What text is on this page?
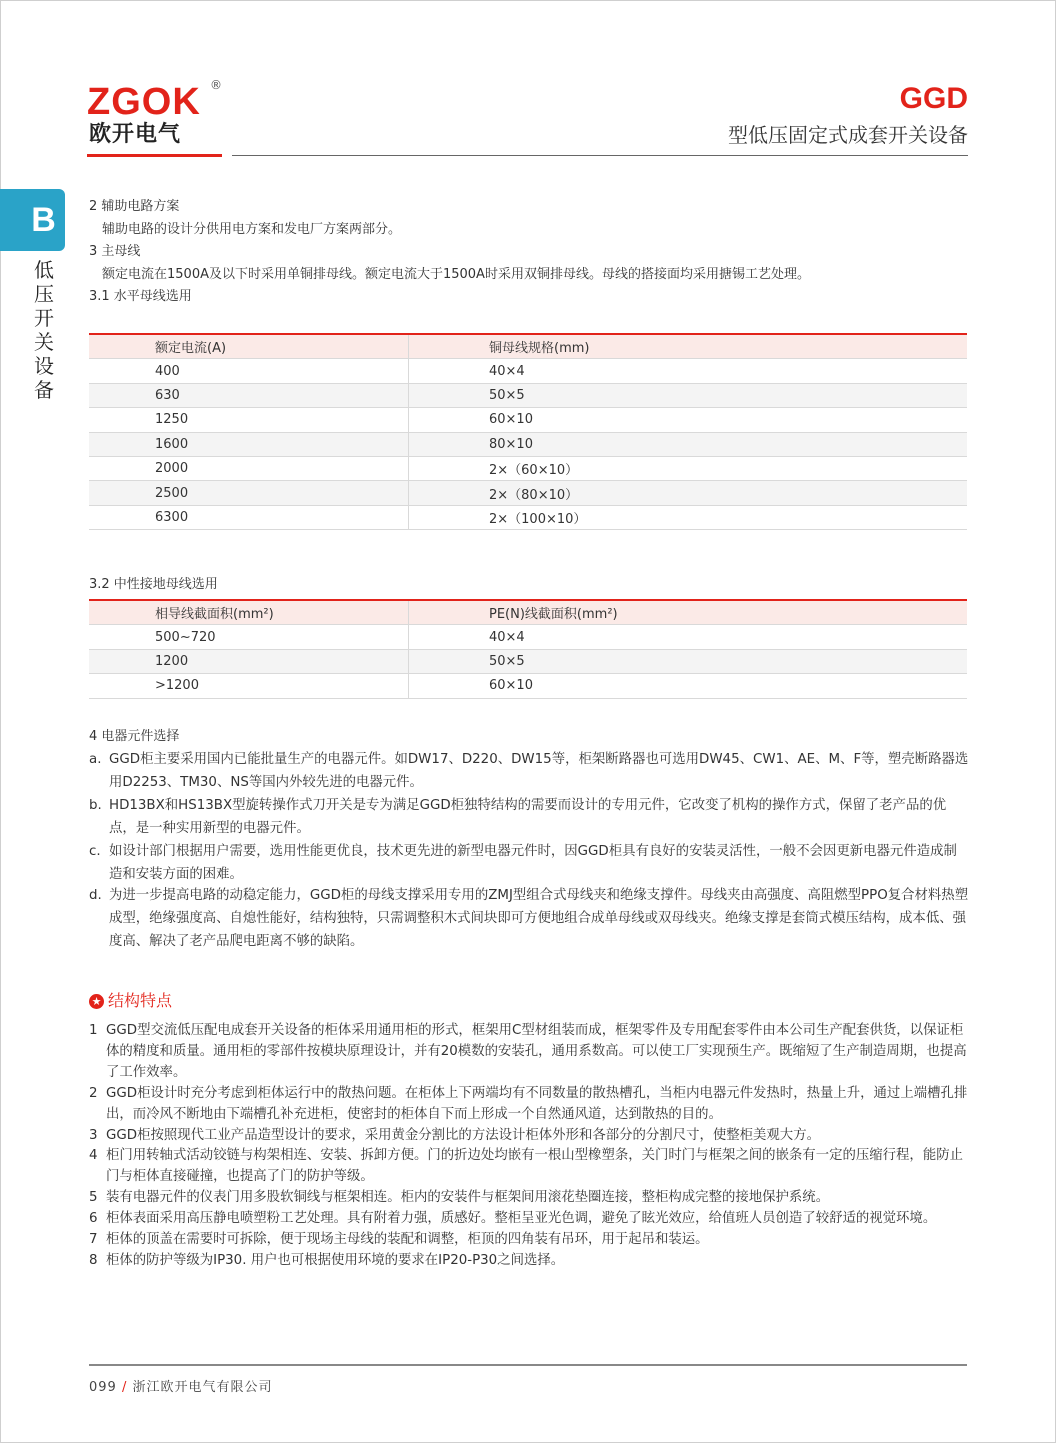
ZGOK ®
欧开电气
GGD
型低压固定式成套开关设备
B
低压开关设备
2 辅助电路方案
辅助电路的设计分供用电方案和发电厂方案两部分。
3 主母线
额定电流在1500A及以下时采用单铜排母线。额定电流大于1500A时采用双铜排母线。母线的搭接面均采用搪锡工艺处理。
3.1 水平母线选用
额定电流(A)	铜母线规格(mm)
400	40×4
630	50×5
1250	60×10
1600	80×10
2000	2×（60×10）
2500	2×（80×10）
6300	2×（100×10）
3.2 中性接地母线选用
相导线截面积(mm²)	PE(N)线截面积(mm²)
500~720	40×4
1200	50×5
>1200	60×10
4 电器元件选择
a. GGD柜主要采用国内已能批量生产的电器元件。如DW17、D220、DW15等，柜架断路器也可选用DW45、CW1、AE、M、F等，塑壳断路器选用D2253、TM30、NS等国内外较先进的电器元件。
b. HD13BX和HS13BX型旋转操作式刀开关是专为满足GGD柜独特结构的需要而设计的专用元件，它改变了机构的操作方式，保留了老产品的优点，是一种实用新型的电器元件。
c. 如设计部门根据用户需要，选用性能更优良，技术更先进的新型电器元件时，因GGD柜具有良好的安装灵活性，一般不会因更新电器元件造成制造和安装方面的困难。
d. 为进一步提高电路的动稳定能力，GGD柜的母线支撑采用专用的ZMJ型组合式母线夹和绝缘支撑件。母线夹由高强度、高阻燃型PPO复合材料热塑成型，绝缘强度高、自熄性能好，结构独特，只需调整积木式间块即可方便地组合成单母线或双母线夹。绝缘支撑是套筒式模压结构，成本低、强度高、解决了老产品爬电距离不够的缺陷。
★ 结构特点
1 GGD型交流低压配电成套开关设备的柜体采用通用柜的形式，框架用C型材组装而成，框架零件及专用配套零件由本公司生产配套供货，以保证柜体的精度和质量。通用柜的零部件按模块原理设计，并有20模数的安装孔，通用系数高。可以使工厂实现预生产。既缩短了生产制造周期，也提高了工作效率。
2 GGD柜设计时充分考虑到柜体运行中的散热问题。在柜体上下两端均有不同数量的散热槽孔，当柜内电器元件发热时，热量上升，通过上端槽孔排出，而冷风不断地由下端槽孔补充进柜，使密封的柜体自下而上形成一个自然通风道，达到散热的目的。
3 GGD柜按照现代工业产品造型设计的要求，采用黄金分割比的方法设计柜体外形和各部分的分割尺寸，使整柜美观大方。
4 柜门用转轴式活动铰链与构架相连、安装、拆卸方便。门的折边处均嵌有一根山型橡塑条，关门时门与框架之间的嵌条有一定的压缩行程，能防止门与柜体直接碰撞，也提高了门的防护等级。
5 装有电器元件的仪表门用多股软铜线与框架相连。柜内的安装件与框架间用滚花垫圈连接，整柜构成完整的接地保护系统。
6 柜体表面采用高压静电喷塑粉工艺处理。具有附着力强，质感好。整柜呈亚光色调，避免了眩光效应，给值班人员创造了较舒适的视觉环境。
7 柜体的顶盖在需要时可拆除，便于现场主母线的装配和调整，柜顶的四角装有吊环，用于起吊和装运。
8 柜体的防护等级为IP30. 用户也可根据使用环境的要求在IP20-P30之间选择。
099 / 浙江欧开电气有限公司
